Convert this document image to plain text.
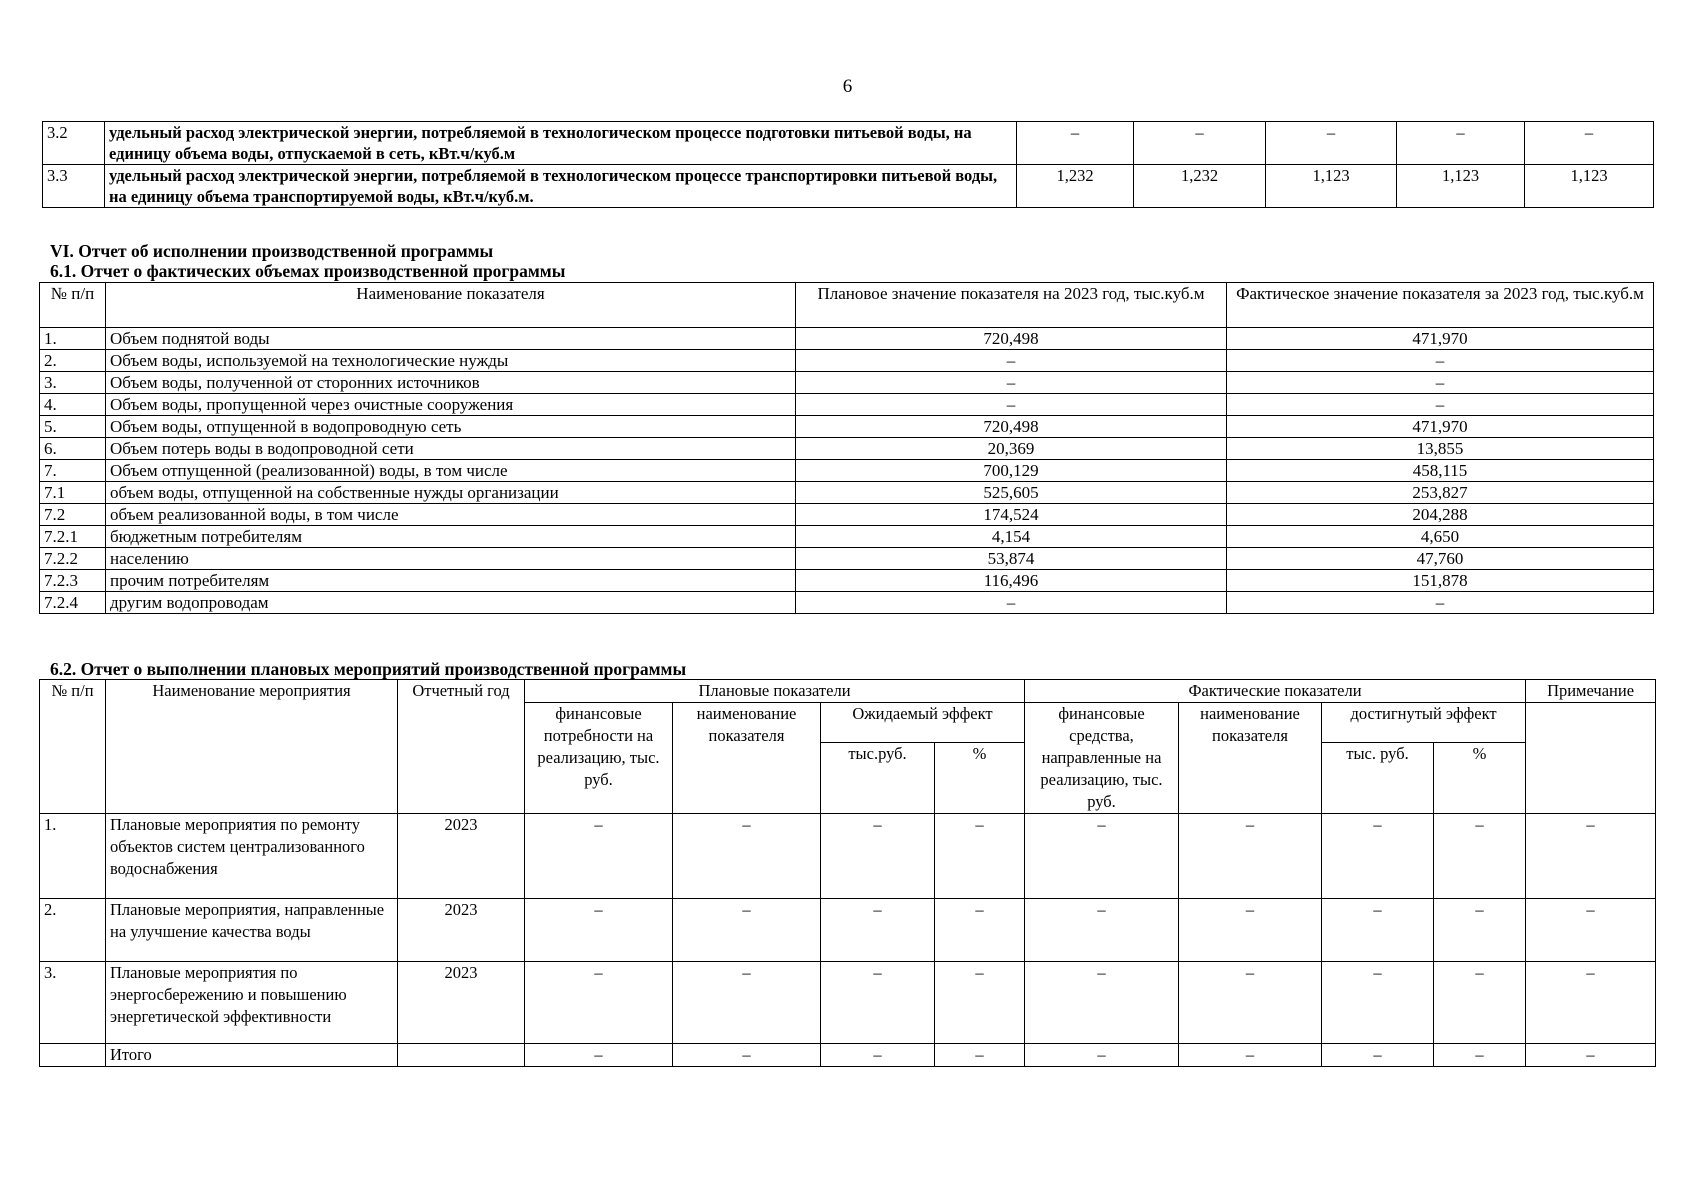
6
3.2	удельный расход электрической энергии, потребляемой в технологическом процессе подготовки питьевой воды, на единицу объема воды, отпускаемой в сеть, кВт.ч/куб.м	–	–	–	–	–
3.3	удельный расход электрической энергии, потребляемой в технологическом процессе транспортировки питьевой воды, на единицу объема транспортируемой воды, кВт.ч/куб.м.	1,232	1,232	1,123	1,123	1,123
VI. Отчет об исполнении производственной программы
6.1. Отчет о фактических объемах производственной программы
№ п/п	Наименование показателя	Плановое значение показателя на 2023 год, тыс.куб.м	Фактическое значение показателя за 2023 год, тыс.куб.м
1.	Объем поднятой воды	720,498	471,970
2.	Объем воды, используемой на технологические нужды	–	–
3.	Объем воды, полученной от сторонних источников	–	–
4.	Объем воды, пропущенной через очистные сооружения	–	–
5.	Объем воды, отпущенной в водопроводную сеть	720,498	471,970
6.	Объем потерь воды в водопроводной сети	20,369	13,855
7.	Объем отпущенной (реализованной) воды, в том числе	700,129	458,115
7.1	объем воды, отпущенной на собственные нужды организации	525,605	253,827
7.2	объем реализованной воды, в том числе	174,524	204,288
7.2.1	бюджетным потребителям	4,154	4,650
7.2.2	населению	53,874	47,760
7.2.3	прочим потребителям	116,496	151,878
7.2.4	другим водопроводам	–	–
6.2. Отчет о выполнении плановых мероприятий производственной программы
№ п/п	Наименование мероприятия	Отчетный год	Плановые показатели				Фактические показатели				Примечание
			финансовые потребности на реализацию, тыс. руб.	наименование показателя	Ожидаемый эффект		финансовые средства, направленные на реализацию, тыс. руб.	наименование показателя	достигнутый эффект		
					тыс.руб.	%			тыс. руб.	%	
1.	Плановые мероприятия по ремонту объектов систем централизованного водоснабжения	2023	–	–	–	–	–	–	–	–	–
2.	Плановые мероприятия, направленные на улучшение качества воды	2023	–	–	–	–	–	–	–	–	–
3.	Плановые мероприятия по энергосбережению и повышению энергетической эффективности	2023	–	–	–	–	–	–	–	–	–
	Итого		–	–	–	–	–	–	–	–	–
